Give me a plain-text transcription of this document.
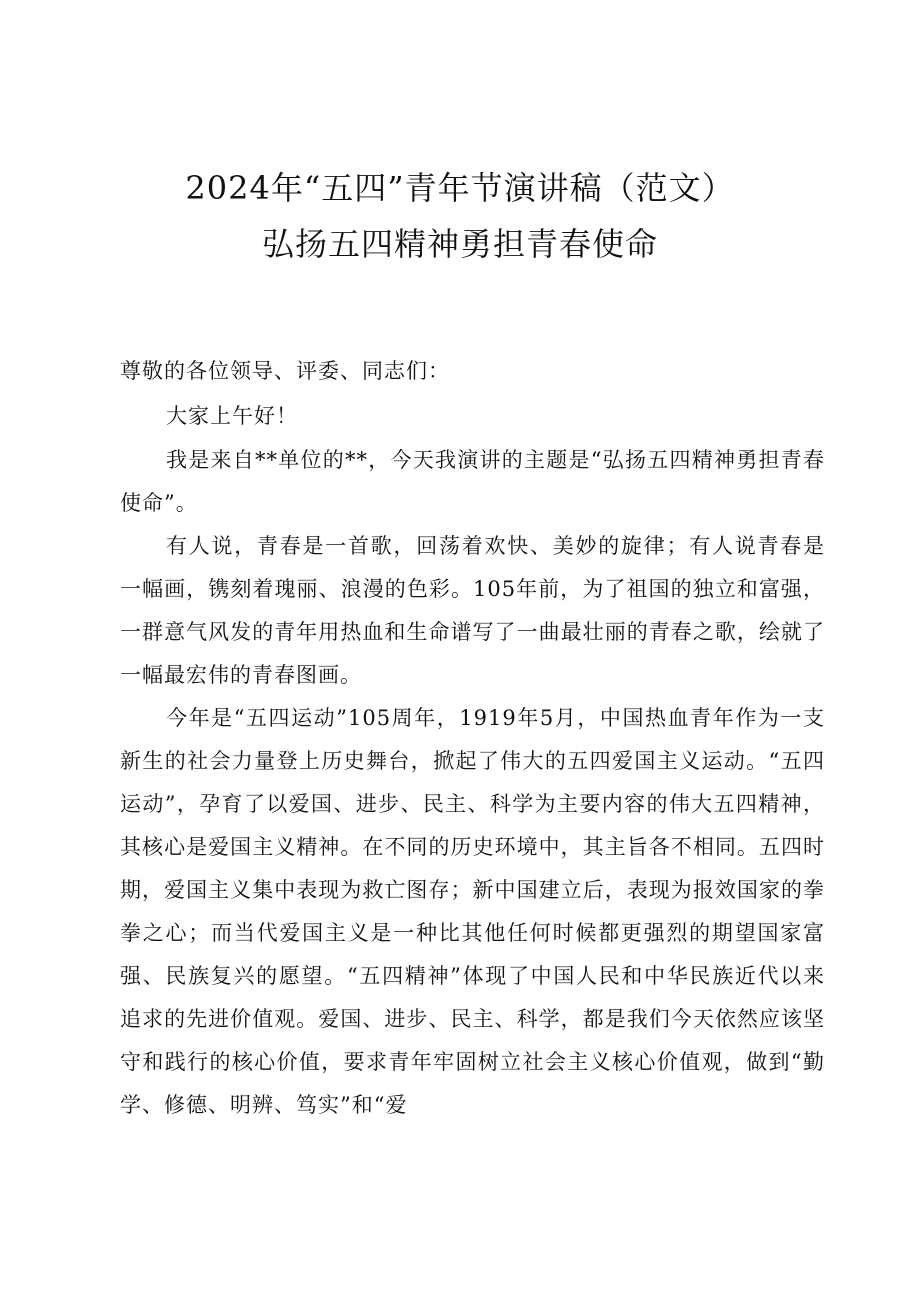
2024年“五四”青年节演讲稿（范文）
弘扬五四精神勇担青春使命
尊敬的各位领导、评委、同志们：

大家上午好！

我是来自**单位的**，今天我演讲的主题是“弘扬五四精神勇担青春使命”。

有人说，青春是一首歌，回荡着欢快、美妙的旋律；有人说青春是一幅画，镌刻着瑰丽、浪漫的色彩。105年前，为了祖国的独立和富强，一群意气风发的青年用热血和生命谱写了一曲最壮丽的青春之歌，绘就了一幅最宏伟的青春图画。

今年是“五四运动”105周年，1919年5月，中国热血青年作为一支新生的社会力量登上历史舞台，掀起了伟大的五四爱国主义运动。“五四运动”，孕育了以爱国、进步、民主、科学为主要内容的伟大五四精神，其核心是爱国主义精神。在不同的历史环境中，其主旨各不相同。五四时期，爱国主义集中表现为救亡图存；新中国建立后，表现为报效国家的拳拳之心；而当代爱国主义是一种比其他任何时候都更强烈的期望国家富强、民族复兴的愿望。“五四精神”体现了中国人民和中华民族近代以来追求的先进价值观。爱国、进步、民主、科学，都是我们今天依然应该坚守和践行的核心价值，要求青年牢固树立社会主义核心价值观，做到“勤学、修德、明辨、笃实”和“爱
